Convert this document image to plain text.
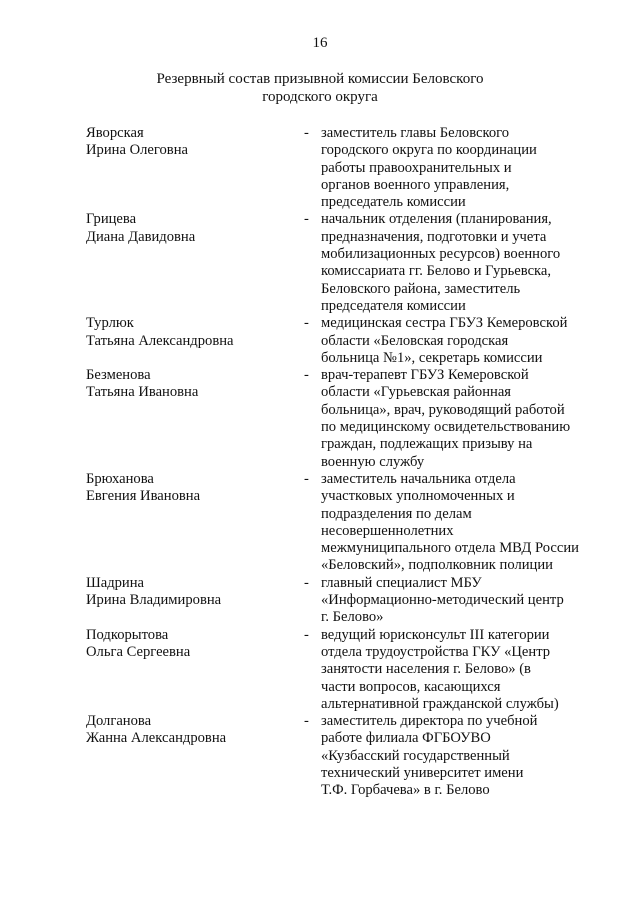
16
Резервный состав призывной комиссии Беловского
городского округа
Яворская
Ирина Олеговна
- заместитель главы Беловского
городского округа по координации
работы правоохранительных и
органов военного управления,
председатель комиссии
Грицева
Диана Давидовна
- начальник отделения (планирования,
предназначения, подготовки и учета
мобилизационных ресурсов) военного
комиссариата гг. Белово и Гурьевска,
Беловского района, заместитель
председателя комиссии
Турлюк
Татьяна Александровна
- медицинская сестра ГБУЗ Кемеровской
области «Беловская городская
больница №1», секретарь комиссии
Безменова
Татьяна Ивановна
- врач-терапевт ГБУЗ Кемеровской
области «Гурьевская районная
больница», врач, руководящий работой
по медицинскому освидетельствованию
граждан, подлежащих призыву на
военную службу
Брюханова
Евгения Ивановна
- заместитель начальника отдела
участковых уполномоченных и
подразделения по делам
несовершеннолетних
межмуниципального отдела МВД России
«Беловский», подполковник полиции
Шадрина
Ирина Владимировна
- главный специалист МБУ
«Информационно-методический центр
г. Белово»
Подкорытова
Ольга Сергеевна
- ведущий юрисконсульт III категории
отдела трудоустройства ГКУ «Центр
занятости населения г. Белово» (в
части вопросов, касающихся
альтернативной гражданской службы)
Долганова
Жанна Александровна
- заместитель директора по учебной
работе филиала ФГБОУВО
«Кузбасский государственный
технический университет имени
Т.Ф. Горбачева» в г. Белово
